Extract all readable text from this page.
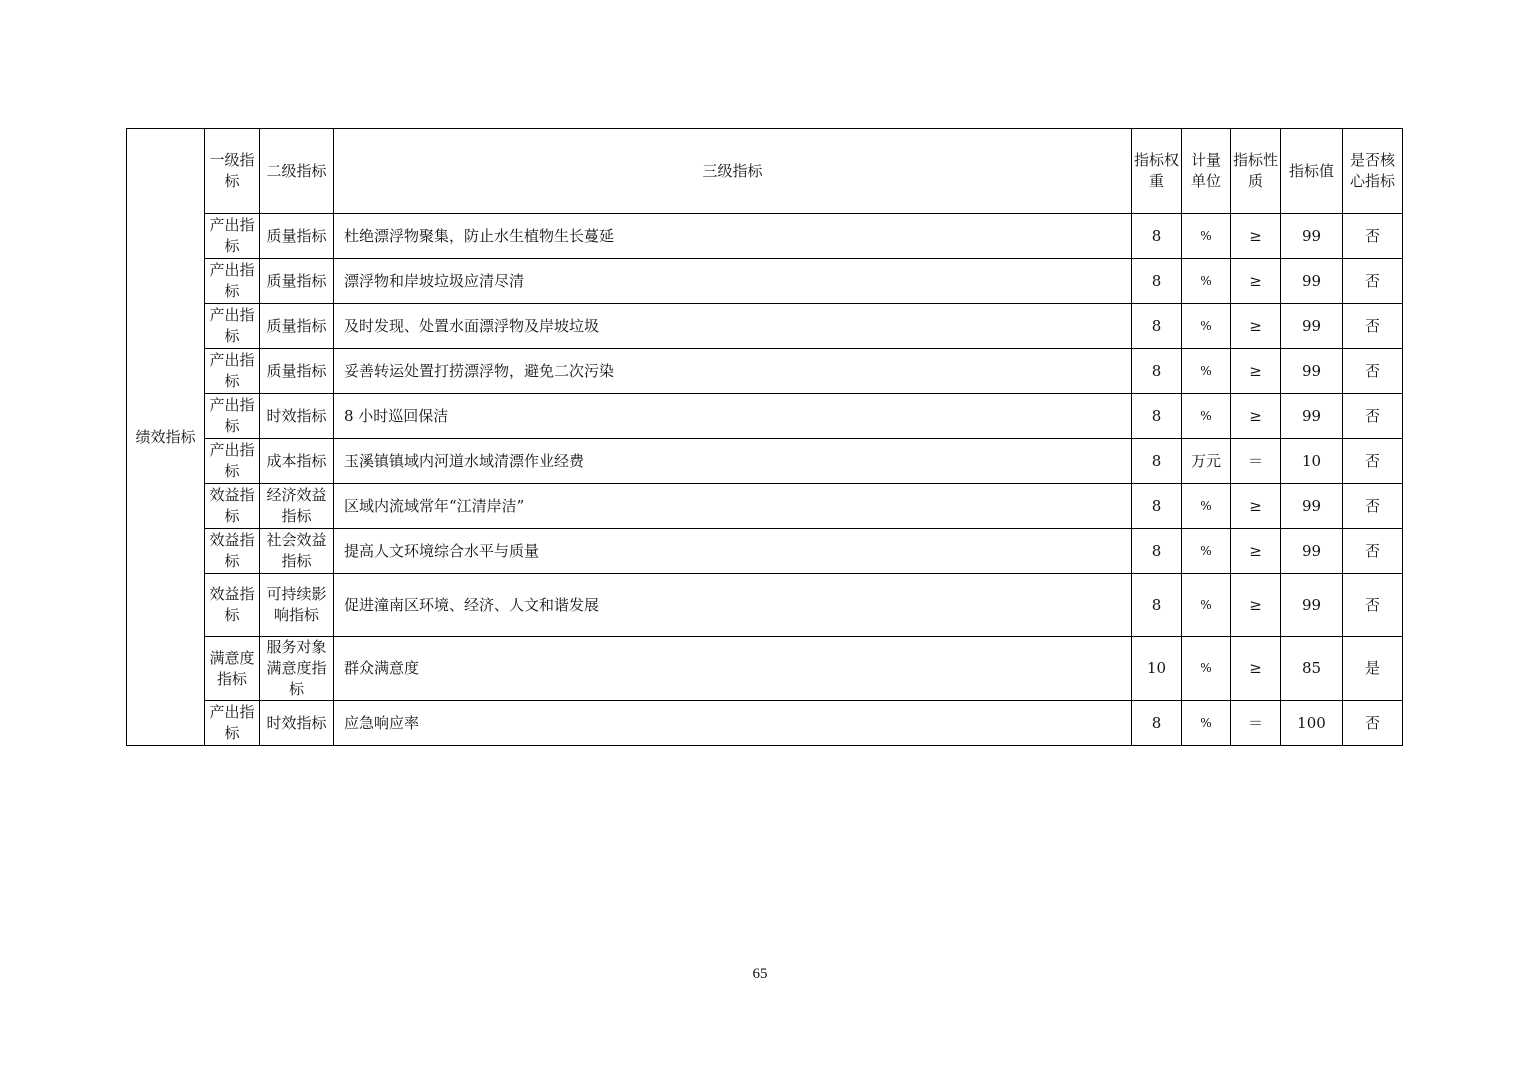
绩效指标	一级指标	二级指标	三级指标	指标权重	计量单位	指标性质	指标值	是否核心指标
	产出指标	质量指标	杜绝漂浮物聚集，防止水生植物生长蔓延	8	%	≥	99	否
	产出指标	质量指标	漂浮物和岸坡垃圾应清尽清	8	%	≥	99	否
	产出指标	质量指标	及时发现、处置水面漂浮物及岸坡垃圾	8	%	≥	99	否
	产出指标	质量指标	妥善转运处置打捞漂浮物，避免二次污染	8	%	≥	99	否
	产出指标	时效指标	8 小时巡回保洁	8	%	≥	99	否
	产出指标	成本指标	玉溪镇镇域内河道水域清漂作业经费	8	万元	＝	10	否
	效益指标	经济效益指标	区域内流域常年“江清岸洁”	8	%	≥	99	否
	效益指标	社会效益指标	提高人文环境综合水平与质量	8	%	≥	99	否
	效益指标	可持续影响指标	促进潼南区环境、经济、人文和谐发展	8	%	≥	99	否
	满意度指标	服务对象满意度指标	群众满意度	10	%	≥	85	是
	产出指标	时效指标	应急响应率	8	%	＝	100	否
65
